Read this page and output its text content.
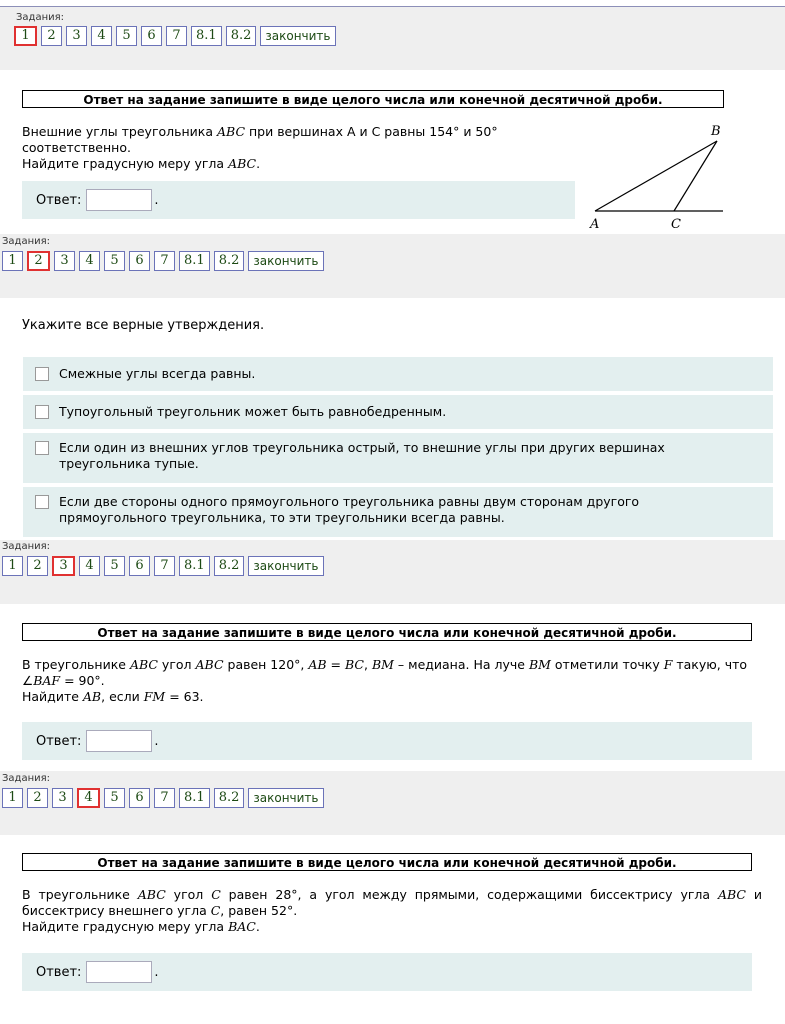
Задания:
1	2	3	4	5	6	7	8.1	8.2	закончить
Ответ на задание запишите в виде целого числа или конечной десятичной дроби.
Внешние углы треугольника ABC при вершинах А и С равны 154° и 50° соответственно.
Найдите градусную меру угла ABC.
Ответ:	.
A
B
C
Задания:
1	2	3	4	5	6	7	8.1	8.2	закончить
Укажите все верные утверждения.
Смежные углы всегда равны.
Тупоугольный треугольник может быть равнобедренным.
Если один из внешних углов треугольника острый, то внешние углы при других вершинах треугольника тупые.
Если две стороны одного прямоугольного треугольника равны двум сторонам другого прямоугольного треугольника, то эти треугольники всегда равны.
Задания:
1	2	3	4	5	6	7	8.1	8.2	закончить
Ответ на задание запишите в виде целого числа или конечной десятичной дроби.
В треугольнике ABC угол ABC равен 120°, AB = BC, BM – медиана. На луче BM отметили точку F такую, что ∠BAF = 90°.
Найдите AB, если FM = 63.
Ответ:	.
Задания:
1	2	3	4	5	6	7	8.1	8.2	закончить
Ответ на задание запишите в виде целого числа или конечной десятичной дроби.
В треугольнике ABC угол C равен 28°, а угол между прямыми, содержащими биссектрису угла ABC и биссектрису внешнего угла C, равен 52°.
Найдите градусную меру угла BAC.
Ответ:	.
